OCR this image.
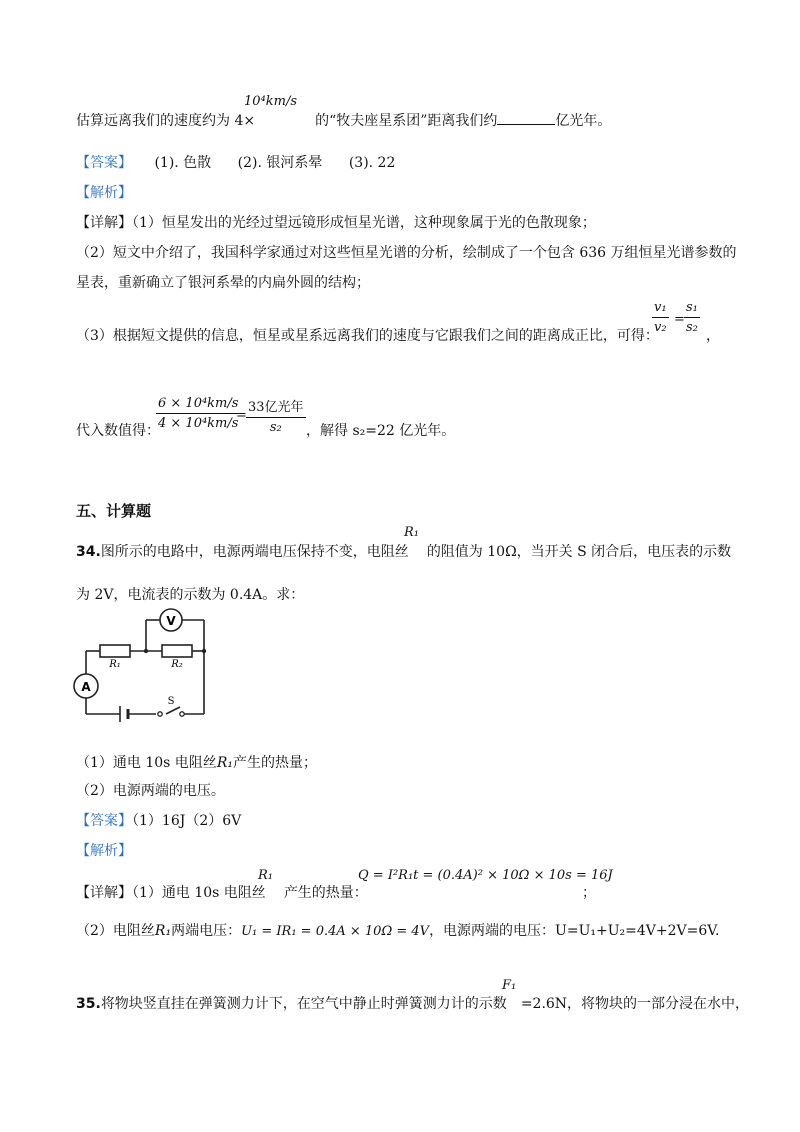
10⁴km/s
估算远离我们的速度约为 4×	的“牧夫座星系团”距离我们约	亿光年。
【答案】 (1). 色散 (2). 银河系晕 (3). 22
【解析】
【详解】（1）恒星发出的光经过望远镜形成恒星光谱，这种现象属于光的色散现象；
（2）短文中介绍了，我国科学家通过对这些恒星光谱的分析，绘制成了一个包含 636 万组恒星光谱参数的
星表，重新确立了银河系晕的内扁外圆的结构；
（3）根据短文提供的信息，恒星或星系远离我们的速度与它跟我们之间的距离成正比，可得：
$\frac{\text{v₁}}{\text{v₂}} = \frac{\text{s₁}}{\text{s₂}}$
，
代入数值得：
$\frac{\text{6 × 10⁴km/s}}{\text{4 × 10⁴km/s}}$
=
33亿光年
s₂	，解得 s₂=22 亿光年。
五、计算题
R₁
34.图所示的电路中，电源两端电压保持不变，电阻丝 的阻值为 10Ω，当开关 S 闭合后，电压表的示数
为 2V，电流表的示数为 0.4A。求：
V
A
R₁	R₂
S
（1）通电 10s 电阻丝R₁产生的热量；
（2）电源两端的电压。
【答案】（1）16J（2）6V
【解析】
R₁
【详解】（1）通电 10s 电阻丝 产生的热量：
Q = I²R₁t = (0.4A)² × 10Ω × 10s = 16J
；
（2）电阻丝R₁两端电压：U₁ = IR₁ = 0.4A × 10Ω = 4V，电源两端的电压：U=U₁+U₂=4V+2V=6V.
F₁
35.将物块竖直挂在弹簧测力计下，在空气中静止时弹簧测力计的示数 =2.6N，将物块的一部分浸在水中，
